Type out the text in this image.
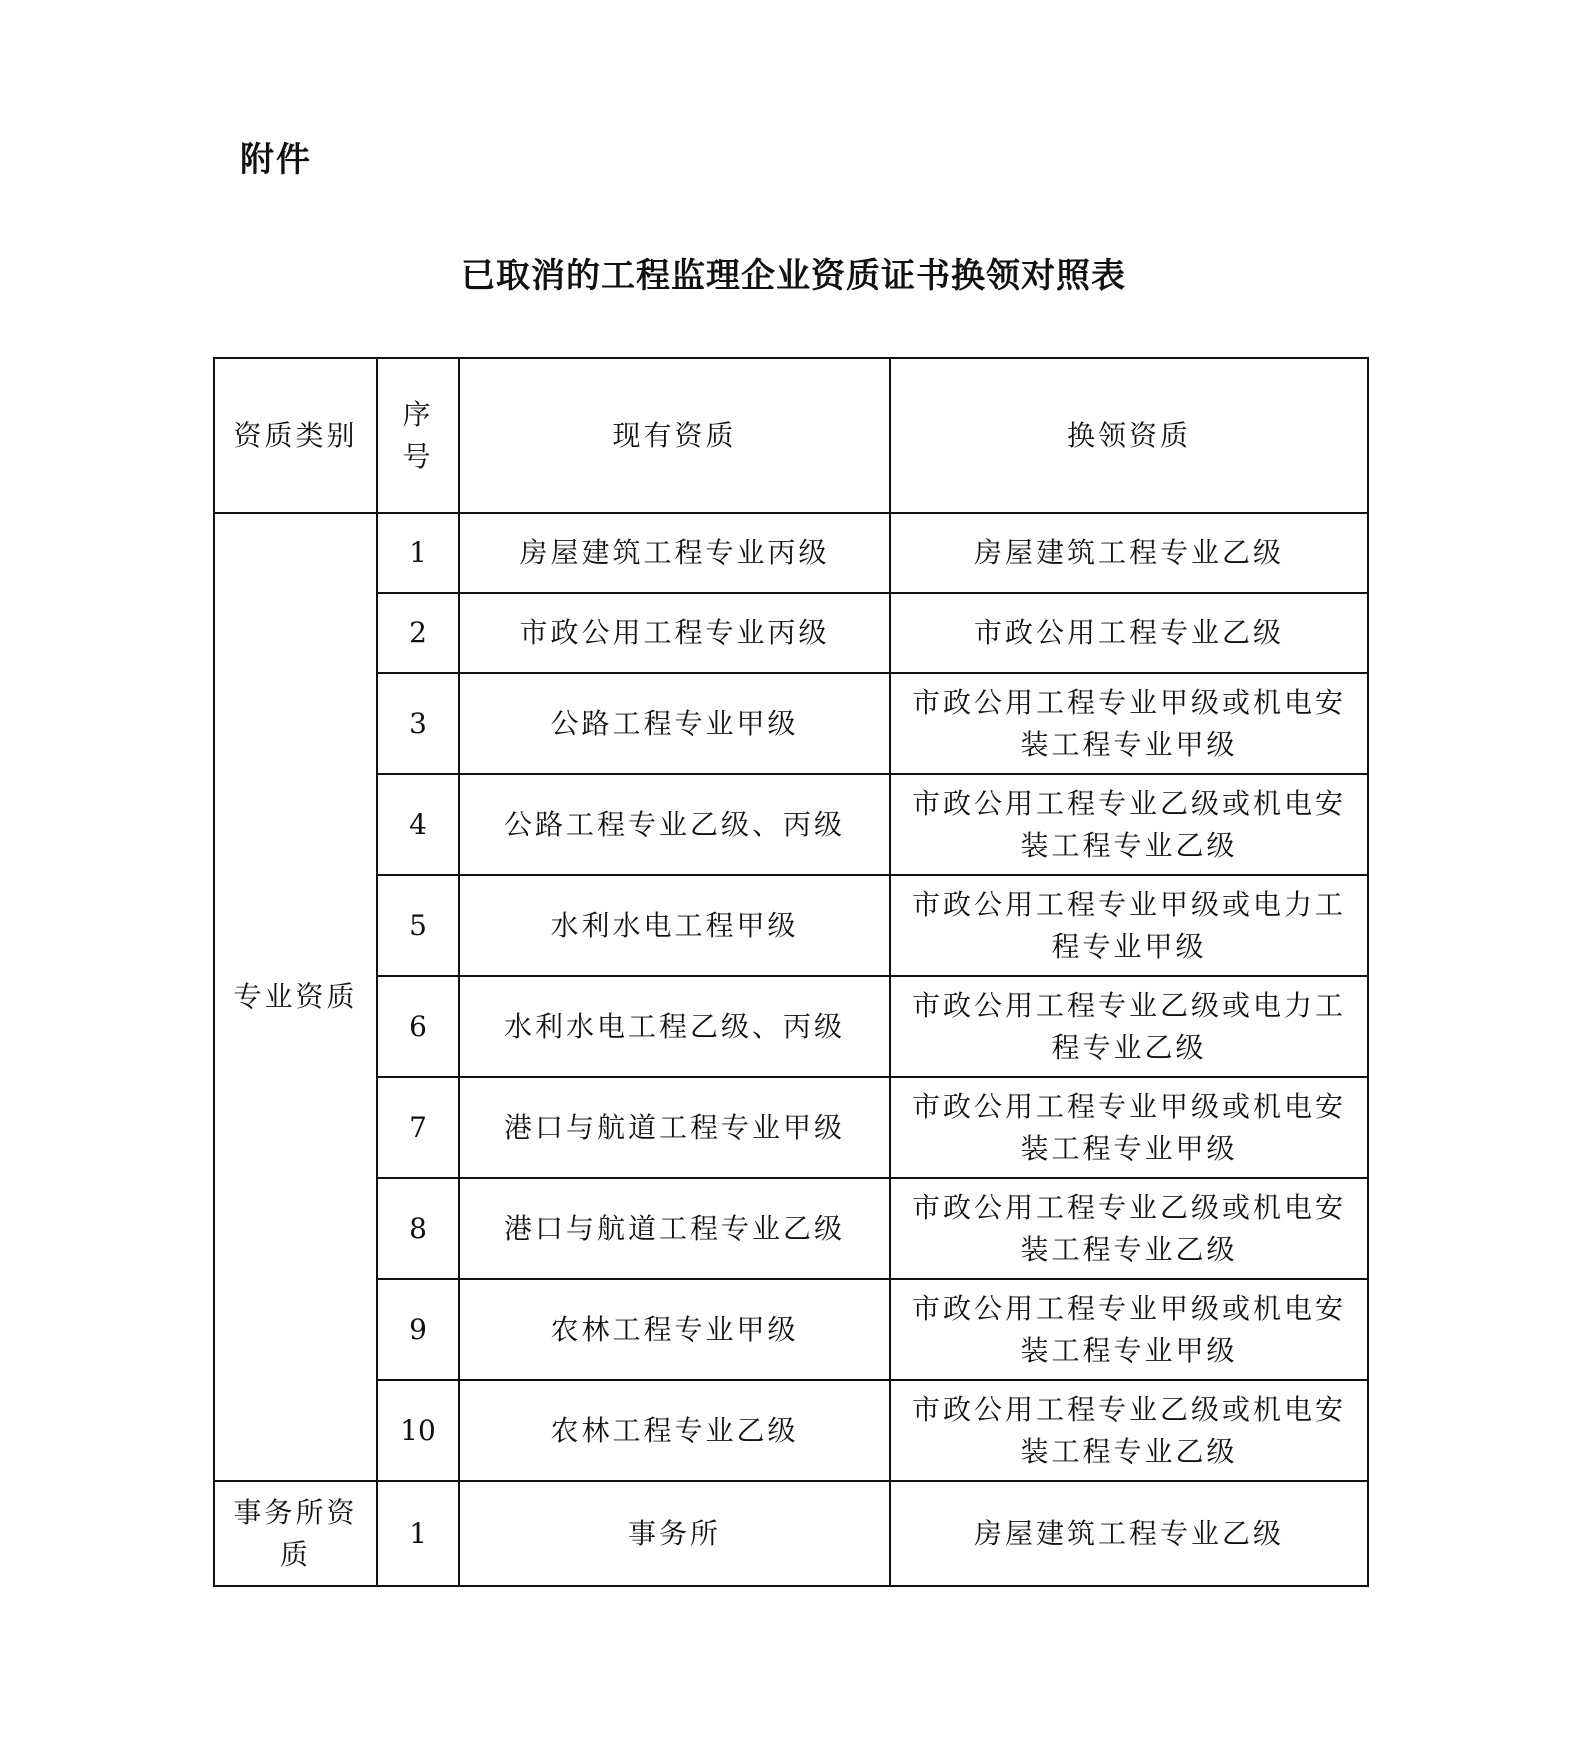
附件
已取消的工程监理企业资质证书换领对照表
资质类别	序号	现有资质	换领资质
专业资质	1	房屋建筑工程专业丙级	房屋建筑工程专业乙级
	2	市政公用工程专业丙级	市政公用工程专业乙级
	3	公路工程专业甲级	市政公用工程专业甲级或机电安装工程专业甲级
	4	公路工程专业乙级、丙级	市政公用工程专业乙级或机电安装工程专业乙级
	5	水利水电工程甲级	市政公用工程专业甲级或电力工程专业甲级
	6	水利水电工程乙级、丙级	市政公用工程专业乙级或电力工程专业乙级
	7	港口与航道工程专业甲级	市政公用工程专业甲级或机电安装工程专业甲级
	8	港口与航道工程专业乙级	市政公用工程专业乙级或机电安装工程专业乙级
	9	农林工程专业甲级	市政公用工程专业甲级或机电安装工程专业甲级
	10	农林工程专业乙级	市政公用工程专业乙级或机电安装工程专业乙级
事务所资质	1	事务所	房屋建筑工程专业乙级
